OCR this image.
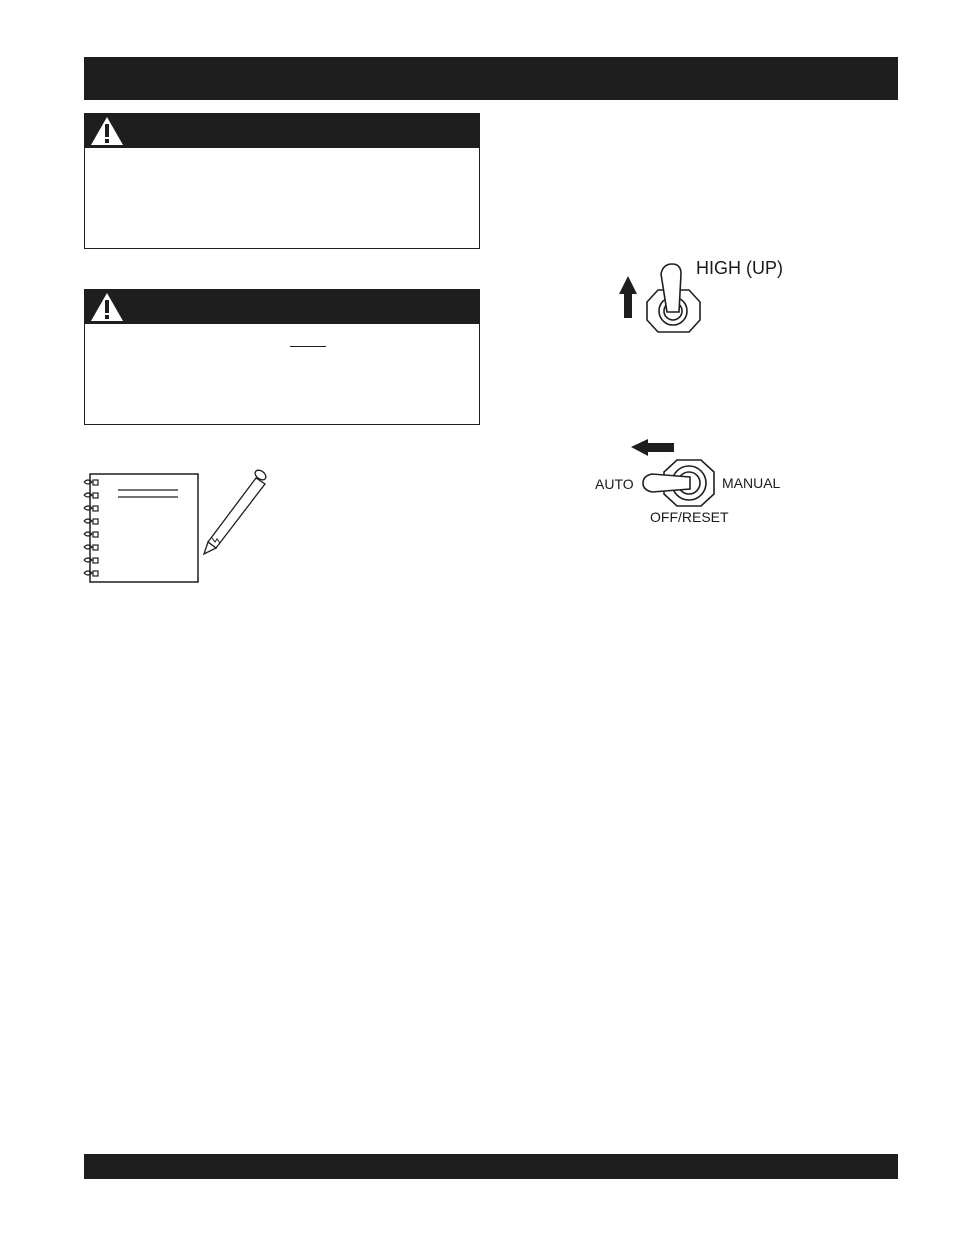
HIGH (UP)
AUTO	MANUAL
OFF/RESET
